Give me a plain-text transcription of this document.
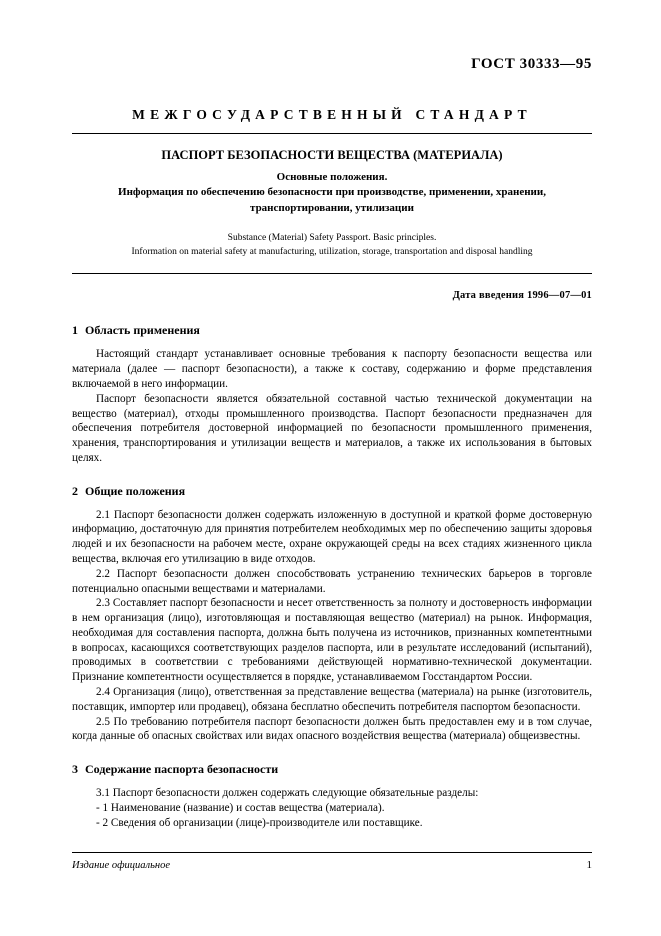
ГОСТ 30333—95
МЕЖГОСУДАРСТВЕННЫЙ СТАНДАРТ
ПАСПОРТ БЕЗОПАСНОСТИ ВЕЩЕСТВА (МАТЕРИАЛА)
Основные положения.
Информация по обеспечению безопасности при производстве, применении, хранении,
транспортировании, утилизации
Substance (Material) Safety Passport. Basic principles.
Information on material safety at manufacturing, utilization, storage, transportation and disposal handling
Дата введения 1996—07—01
1 Область применения

Настоящий стандарт устанавливает основные требования к паспорту безопасности вещества или материала (далее — паспорт безопасности), а также к составу, содержанию и форме представления включаемой в него информации.

Паспорт безопасности является обязательной составной частью технической документации на вещество (материал), отходы промышленного производства. Паспорт безопасности предназначен для обеспечения потребителя достоверной информацией по безопасности промышленного применения, хранения, транспортирования и утилизации веществ и материалов, а также их использования в бытовых целях.

2 Общие положения

2.1 Паспорт безопасности должен содержать изложенную в доступной и краткой форме достоверную информацию, достаточную для принятия потребителем необходимых мер по обеспечению защиты здоровья людей и их безопасности на рабочем месте, охране окружающей среды на всех стадиях жизненного цикла вещества, включая его утилизацию в виде отходов.

2.2 Паспорт безопасности должен способствовать устранению технических барьеров в торговле потенциально опасными веществами и материалами.

2.3 Составляет паспорт безопасности и несет ответственность за полноту и достоверность информации в нем организация (лицо), изготовляющая и поставляющая вещество (материал) на рынок. Информация, необходимая для составления паспорта, должна быть получена из источников, признанных компетентными в вопросах, касающихся соответствующих разделов паспорта, или в результате исследований (испытаний), проводимых в соответствии с требованиями действующей нормативно-технической документации. Признание компетентности осуществляется в порядке, устанавливаемом Госстандартом России.

2.4 Организация (лицо), ответственная за представление вещества (материала) на рынке (изготовитель, поставщик, импортер или продавец), обязана бесплатно обеспечить потребителя паспортом безопасности.

2.5 По требованию потребителя паспорт безопасности должен быть предоставлен ему и в том случае, когда данные об опасных свойствах или видах опасного воздействия вещества (материала) общеизвестны.

3 Содержание паспорта безопасности

3.1 Паспорт безопасности должен содержать следующие обязательные разделы:

- 1 Наименование (название) и состав вещества (материала).

- 2 Сведения об организации (лице)-производителе или поставщике.

Издание официальное	1
